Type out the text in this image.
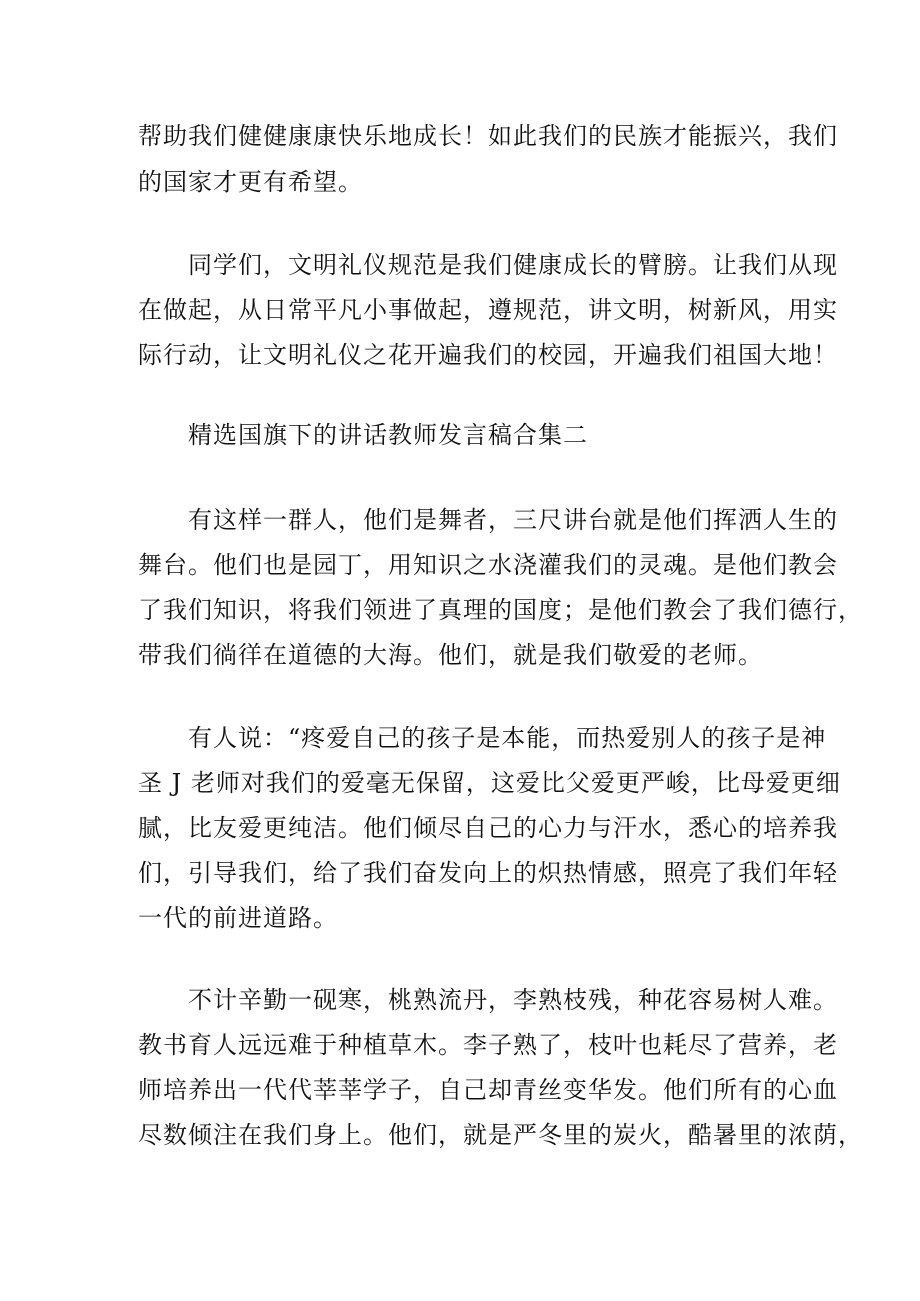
帮助我们健健康康快乐地成长！如此我们的民族才能振兴，我们
的国家才更有希望。
同学们，文明礼仪规范是我们健康成长的臂膀。让我们从现
在做起，从日常平凡小事做起，遵规范，讲文明，树新风，用实
际行动，让文明礼仪之花开遍我们的校园，开遍我们祖国大地！
精选国旗下的讲话教师发言稿合集二
有这样一群人，他们是舞者，三尺讲台就是他们挥洒人生的
舞台。他们也是园丁，用知识之水浇灌我们的灵魂。是他们教会
了我们知识，将我们领进了真理的国度；是他们教会了我们德行，
带我们徜徉在道德的大海。他们，就是我们敬爱的老师。
有人说：“疼爱自己的孩子是本能，而热爱别人的孩子是神
圣 J 老师对我们的爱毫无保留，这爱比父爱更严峻，比母爱更细
腻，比友爱更纯洁。他们倾尽自己的心力与汗水，悉心的培养我
们，引导我们，给了我们奋发向上的炽热情感，照亮了我们年轻
一代的前进道路。
不计辛勤一砚寒，桃熟流丹，李熟枝残，种花容易树人难。
教书育人远远难于种植草木。李子熟了，枝叶也耗尽了营养，老
师培养出一代代莘莘学子，自己却青丝变华发。他们所有的心血
尽数倾注在我们身上。他们，就是严冬里的炭火，酷暑里的浓荫，
